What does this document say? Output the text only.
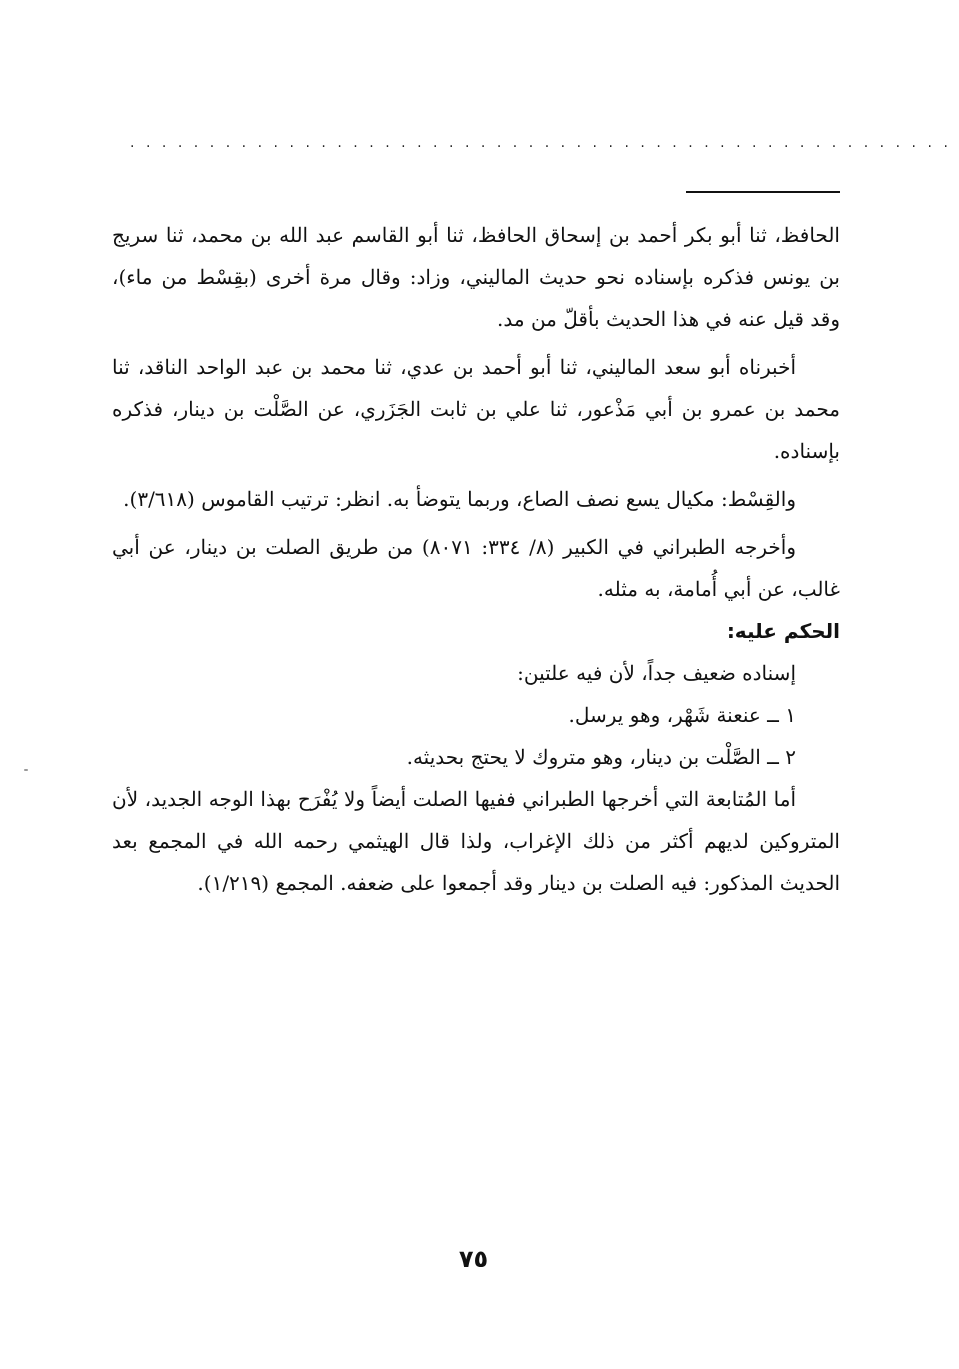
....................................................

الحافظ، ثنا أبو بكر أحمد بن إسحاق الحافظ، ثنا أبو القاسم عبد الله بن محمد، ثنا سريج بن يونس فذكره بإسناده نحو حديث الماليني، وزاد: وقال مرة أخرى (بقِسْط من ماء)، وقد قيل عنه في هذا الحديث بأقلّ من مد.

أخبرناه أبو سعد الماليني، ثنا أبو أحمد بن عدي، ثنا محمد بن عبد الواحد الناقد، ثنا محمد بن عمرو بن أبي مَذْعور، ثنا علي بن ثابت الجَزَري، عن الصَّلْت بن دينار، فذكره بإسناده.

والقِسْط: مكيال يسع نصف الصاع، وربما يتوضأ به. انظر: ترتيب القاموس (٣/٦١٨).

وأخرجه الطبراني في الكبير (٨/ ٣٣٤: ٨٠٧١) من طريق الصلت بن دينار، عن أبي غالب، عن أبي أُمامة، به مثله.

الحكم عليه:

إسناده ضعيف جداً، لأن فيه علتين:

١ ــ عنعنة شَهْر، وهو يرسل.

٢ ــ الصَّلْت بن دينار، وهو متروك لا يحتج بحديثه.

أما المُتابعة التي أخرجها الطبراني ففيها الصلت أيضاً ولا يُفْرَح بهذا الوجه الجديد، لأن المتروكين لديهم أكثر من ذلك الإغراب، ولذا قال الهيثمي رحمه الله في المجمع بعد الحديث المذكور: فيه الصلت بن دينار وقد أجمعوا على ضعفه. المجمع (١/٢١٩).

٧٥
